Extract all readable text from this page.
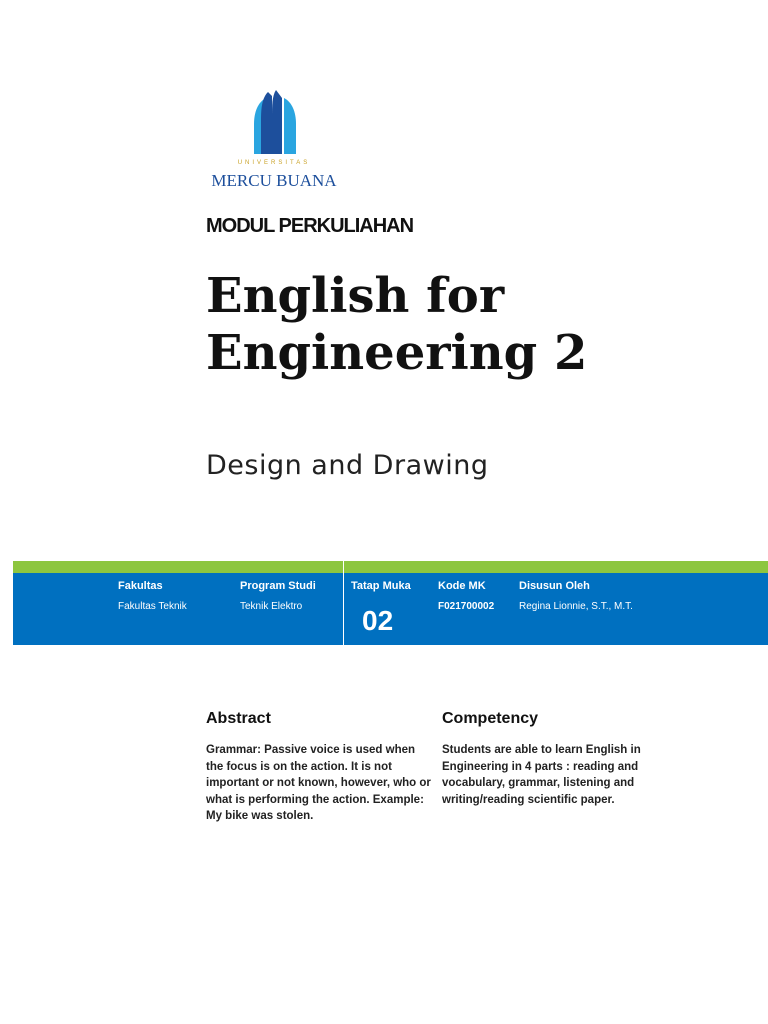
UNIVERSITAS
MERCU BUANA
MODUL PERKULIAHAN
English for
Engineering 2
Design and Drawing
Fakultas
Fakultas Teknik
Program Studi
Teknik Elektro
Tatap Muka
02
Kode MK
F021700002
Disusun Oleh
Regina Lionnie, S.T., M.T.
Abstract
Grammar: Passive voice is used when the focus is on the action. It is not important or not known, however, who or what is performing the action. Example: My bike was stolen.
Competency
Students are able to learn English in Engineering in 4 parts : reading and vocabulary, grammar, listening and writing/reading scientific paper.
